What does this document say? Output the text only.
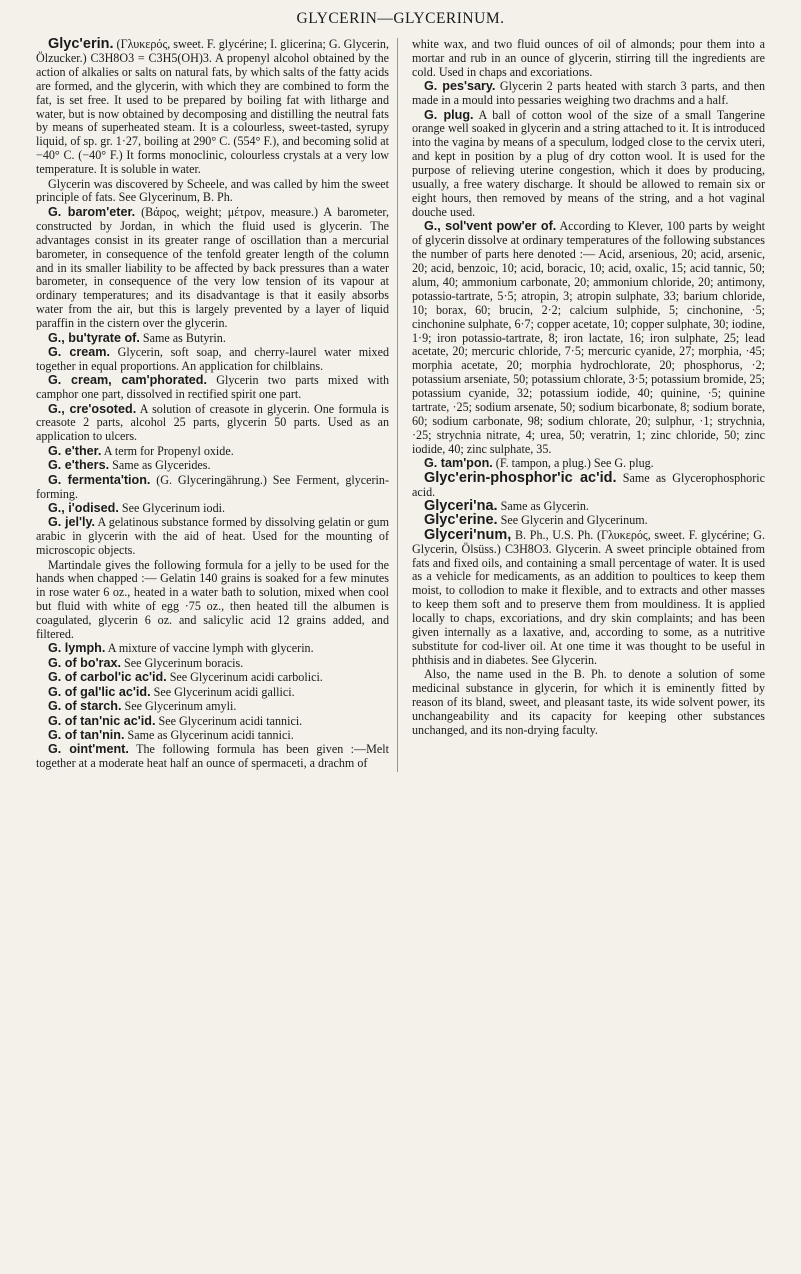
GLYCERIN—GLYCERINUM.

Glyc'erin. (Γλυκερός, sweet. F. glycérine; I. glicerina; G. Glycerin, Ölzucker.) C3H8O3 = C3H5(OH)3. A propenyl alcohol obtained by the action of alkalies or salts on natural fats, by which salts of the fatty acids are formed, and the glycerin, with which they are combined to form the fat, is set free. It used to be prepared by boiling fat with litharge and water, but is now obtained by decomposing and distilling the neutral fats by means of superheated steam. It is a colourless, sweet-tasted, syrupy liquid, of sp. gr. 1·27, boiling at 290° C. (554° F.), and becoming solid at −40° C. (−40° F.) It forms monoclinic, colourless crystals at a very low temperature. It is soluble in water.

Glycerin was discovered by Scheele, and was called by him the sweet principle of fats. See Glycerinum, B. Ph.

G. barom'eter. (Βάρος, weight; μέτρον, measure.) A barometer, constructed by Jordan, in which the fluid used is glycerin. The advantages consist in its greater range of oscillation than a mercurial barometer, in consequence of the tenfold greater length of the column and in its smaller liability to be affected by back pressures than a water barometer, in consequence of the very low tension of its vapour at ordinary temperatures; and its disadvantage is that it easily absorbs water from the air, but this is largely prevented by a layer of liquid paraffin in the cistern over the glycerin.

G., bu'tyrate of. Same as Butyrin.

G. cream. Glycerin, soft soap, and cherry-laurel water mixed together in equal proportions. An application for chilblains.

G. cream, cam'phorated. Glycerin two parts mixed with camphor one part, dissolved in rectified spirit one part.

G., cre'osoted. A solution of creasote in glycerin. One formula is creasote 2 parts, alcohol 25 parts, glycerin 50 parts. Used as an application to ulcers.

G. e'ther. A term for Propenyl oxide.

G. e'thers. Same as Glycerides.

G. fermenta'tion. (G. Glyceringährung.) See Ferment, glycerin-forming.

G., i'odised. See Glycerinum iodi.

G. jel'ly. A gelatinous substance formed by dissolving gelatin or gum arabic in glycerin with the aid of heat. Used for the mounting of microscopic objects.

Martindale gives the following formula for a jelly to be used for the hands when chapped :— Gelatin 140 grains is soaked for a few minutes in rose water 6 oz., heated in a water bath to solution, mixed when cool but fluid with white of egg ·75 oz., then heated till the albumen is coagulated, glycerin 6 oz. and salicylic acid 12 grains added, and filtered.

G. lymph. A mixture of vaccine lymph with glycerin.

G. of bo'rax. See Glycerinum boracis.

G. of carbol'ic ac'id. See Glycerinum acidi carbolici.

G. of gal'lic ac'id. See Glycerinum acidi gallici.

G. of starch. See Glycerinum amyli.

G. of tan'nic ac'id. See Glycerinum acidi tannici.

G. of tan'nin. Same as Glycerinum acidi tannici.

G. oint'ment. The following formula has been given :—Melt together at a moderate heat half an ounce of spermaceti, a drachm of

white wax, and two fluid ounces of oil of almonds; pour them into a mortar and rub in an ounce of glycerin, stirring till the ingredients are cold. Used in chaps and excoriations.

G. pes'sary. Glycerin 2 parts heated with starch 3 parts, and then made in a mould into pessaries weighing two drachms and a half.

G. plug. A ball of cotton wool of the size of a small Tangerine orange well soaked in glycerin and a string attached to it. It is introduced into the vagina by means of a speculum, lodged close to the cervix uteri, and kept in position by a plug of dry cotton wool. It is used for the purpose of relieving uterine congestion, which it does by producing, usually, a free watery discharge. It should be allowed to remain six or eight hours, then removed by means of the string, and a hot vaginal douche used.

G., sol'vent pow'er of. According to Klever, 100 parts by weight of glycerin dissolve at ordinary temperatures of the following substances the number of parts here denoted :— Acid, arsenious, 20; acid, arsenic, 20; acid, benzoic, 10; acid, boracic, 10; acid, oxalic, 15; acid tannic, 50; alum, 40; ammonium carbonate, 20; ammonium chloride, 20; antimony, potassio-tartrate, 5·5; atropin, 3; atropin sulphate, 33; barium chloride, 10; borax, 60; brucin, 2·2; calcium sulphide, 5; cinchonine, ·5; cinchonine sulphate, 6·7; copper acetate, 10; copper sulphate, 30; iodine, 1·9; iron potassio-tartrate, 8; iron lactate, 16; iron sulphate, 25; lead acetate, 20; mercuric chloride, 7·5; mercuric cyanide, 27; morphia, ·45; morphia acetate, 20; morphia hydrochlorate, 20; phosphorus, ·2; potassium arseniate, 50; potassium chlorate, 3·5; potassium bromide, 25; potassium cyanide, 32; potassium iodide, 40; quinine, ·5; quinine tartrate, ·25; sodium arsenate, 50; sodium bicarbonate, 8; sodium borate, 60; sodium carbonate, 98; sodium chlorate, 20; sulphur, ·1; strychnia, ·25; strychnia nitrate, 4; urea, 50; veratrin, 1; zinc chloride, 50; zinc iodide, 40; zinc sulphate, 35.

G. tam'pon. (F. tampon, a plug.) See G. plug.

Glyc'erin-phosphor'ic ac'id. Same as Glycerophosphoric acid.

Glyceri'na. Same as Glycerin.

Glyc'erine. See Glycerin and Glycerinum.

Glyceri'num, B. Ph., U.S. Ph. (Γλυκερός, sweet. F. glycérine; G. Glycerin, Ölsüss.) C3H8O3. Glycerin. A sweet principle obtained from fats and fixed oils, and containing a small percentage of water. It is used as a vehicle for medicaments, as an addition to poultices to keep them moist, to collodion to make it flexible, and to extracts and other masses to keep them soft and to preserve them from mouldiness. It is applied locally to chaps, excoriations, and dry skin complaints; and has been given internally as a laxative, and, according to some, as a nutritive substitute for cod-liver oil. At one time it was thought to be useful in phthisis and in diabetes. See Glycerin.

Also, the name used in the B. Ph. to denote a solution of some medicinal substance in glycerin, for which it is eminently fitted by reason of its bland, sweet, and pleasant taste, its wide solvent power, its unchangeability and its capacity for keeping other substances unchanged, and its non-drying faculty.
